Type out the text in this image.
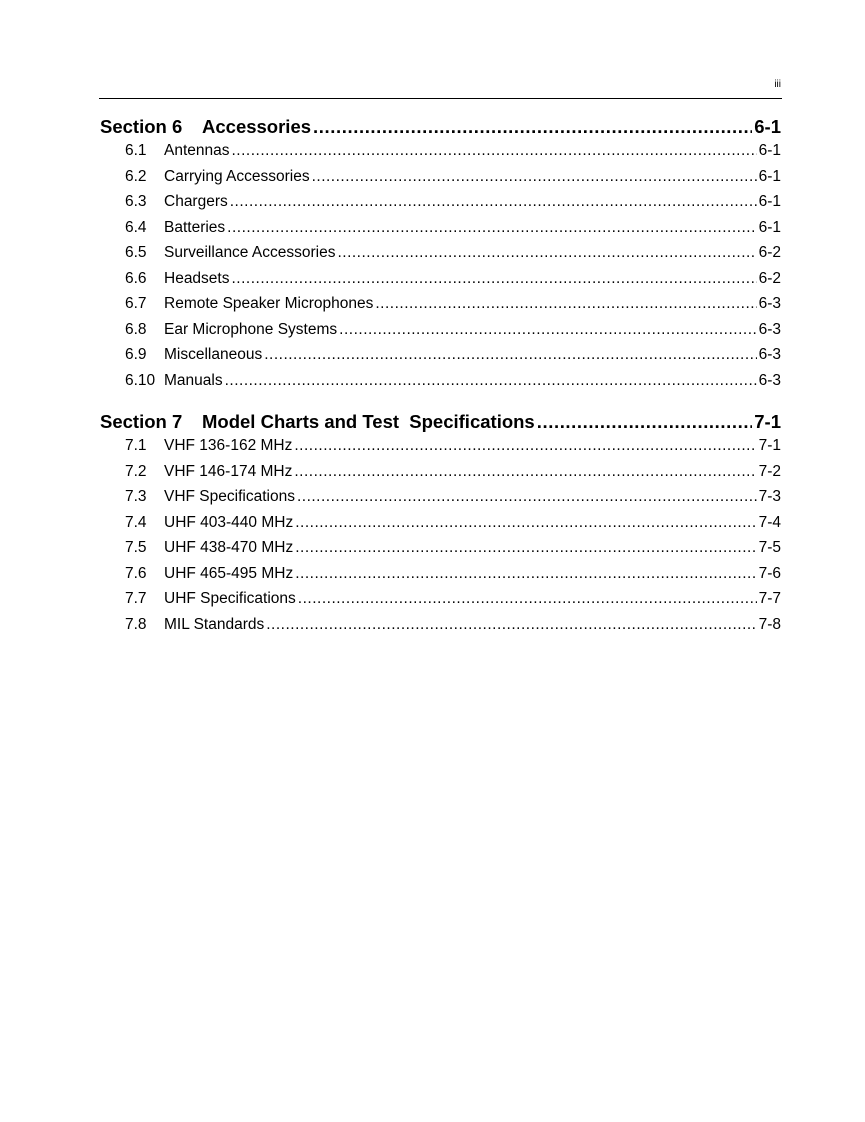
iii
Section 6	Accessories .....	6-1
6.1	Antennas .....	6-1
6.2	Carrying Accessories .....	6-1
6.3	Chargers .....	6-1
6.4	Batteries .....	6-1
6.5	Surveillance Accessories .....	6-2
6.6	Headsets .....	6-2
6.7	Remote Speaker Microphones .....	6-3
6.8	Ear Microphone Systems .....	6-3
6.9	Miscellaneous .....	6-3
6.10 Manuals .....	6-3
Section 7	Model Charts and Test  Specifications .....	7-1
7.1	VHF 136-162 MHz .....	7-1
7.2	VHF 146-174 MHz .....	7-2
7.3	VHF Specifications .....	7-3
7.4	UHF 403-440 MHz .....	7-4
7.5	UHF 438-470 MHz .....	7-5
7.6	UHF 465-495 MHz .....	7-6
7.7	UHF Specifications .....	7-7
7.8	MIL Standards .....	7-8
